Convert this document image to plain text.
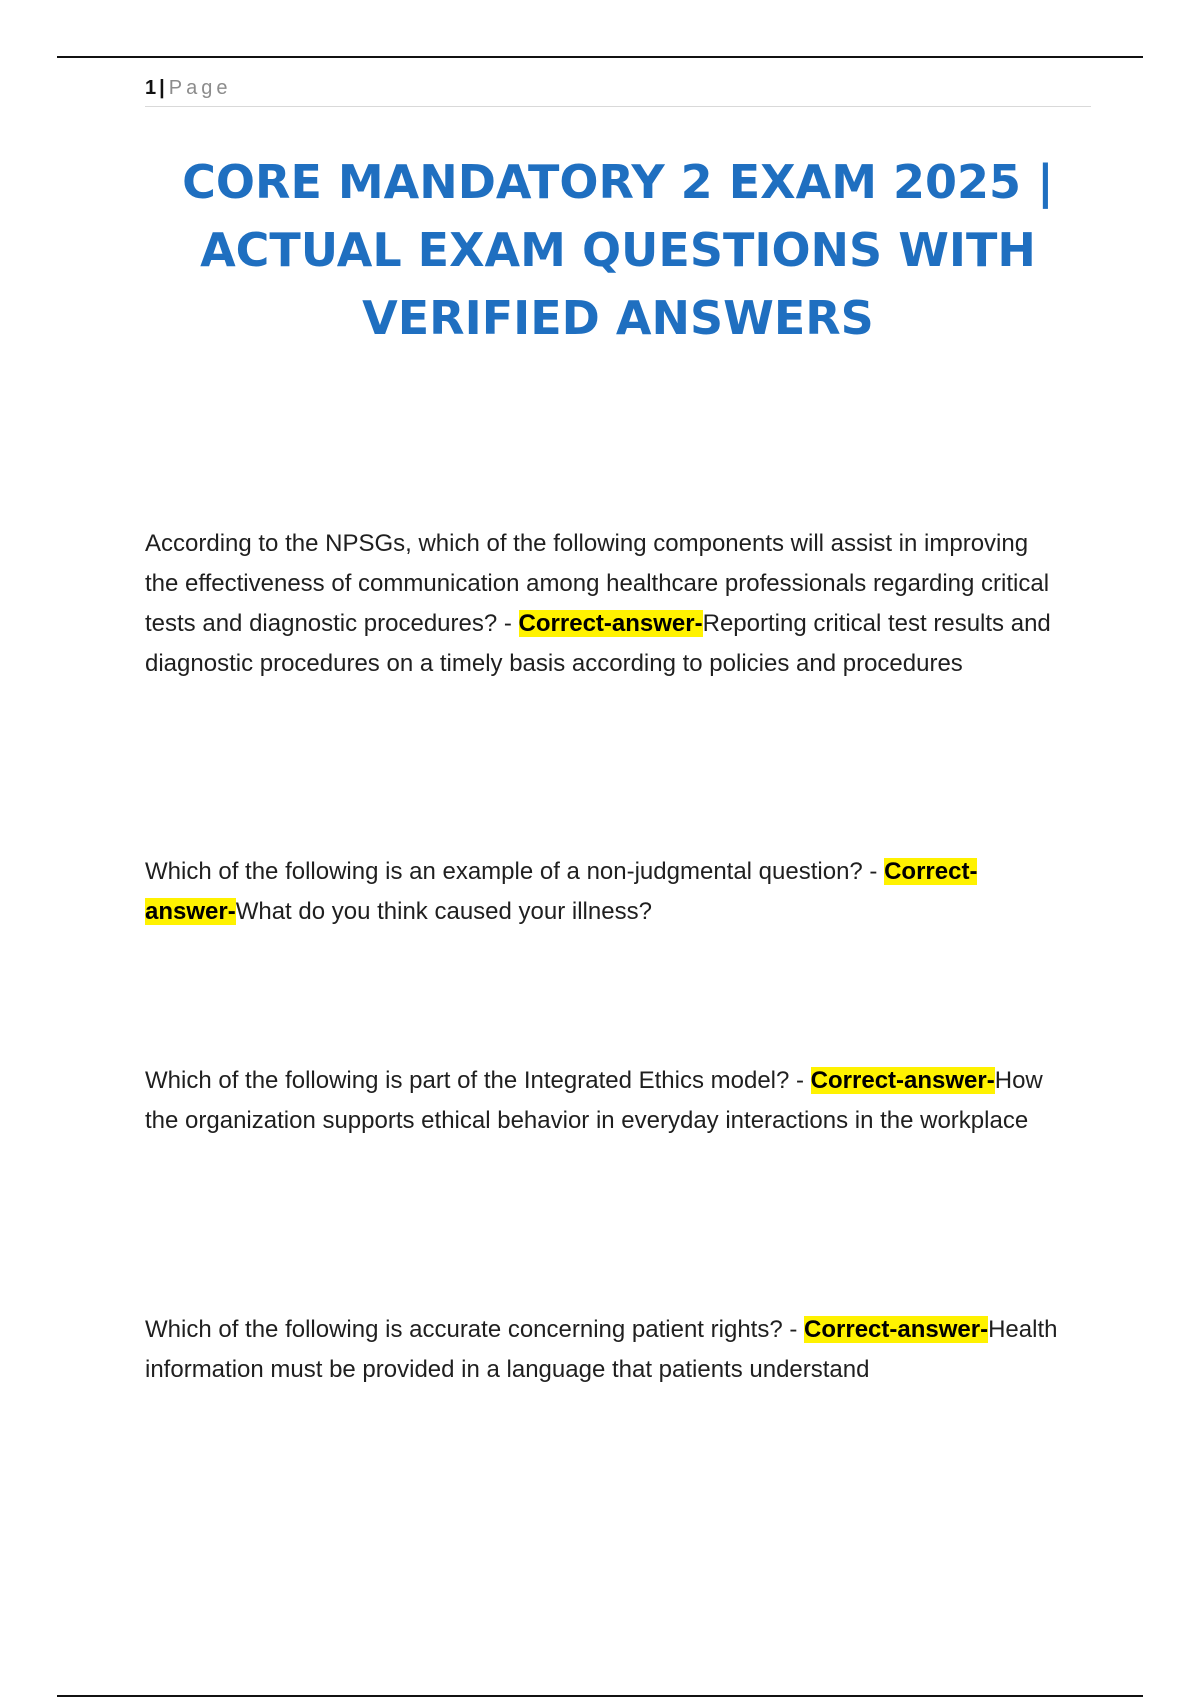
1 | Page
CORE MANDATORY 2 EXAM 2025 | ACTUAL EXAM QUESTIONS WITH VERIFIED ANSWERS
According to the NPSGs, which of the following components will assist in improving the effectiveness of communication among healthcare professionals regarding critical tests and diagnostic procedures? - Correct-answer-Reporting critical test results and diagnostic procedures on a timely basis according to policies and procedures
Which of the following is an example of a non-judgmental question? - Correct-answer-What do you think caused your illness?
Which of the following is part of the Integrated Ethics model? - Correct-answer-How the organization supports ethical behavior in everyday interactions in the workplace
Which of the following is accurate concerning patient rights? - Correct-answer-Health information must be provided in a language that patients understand
